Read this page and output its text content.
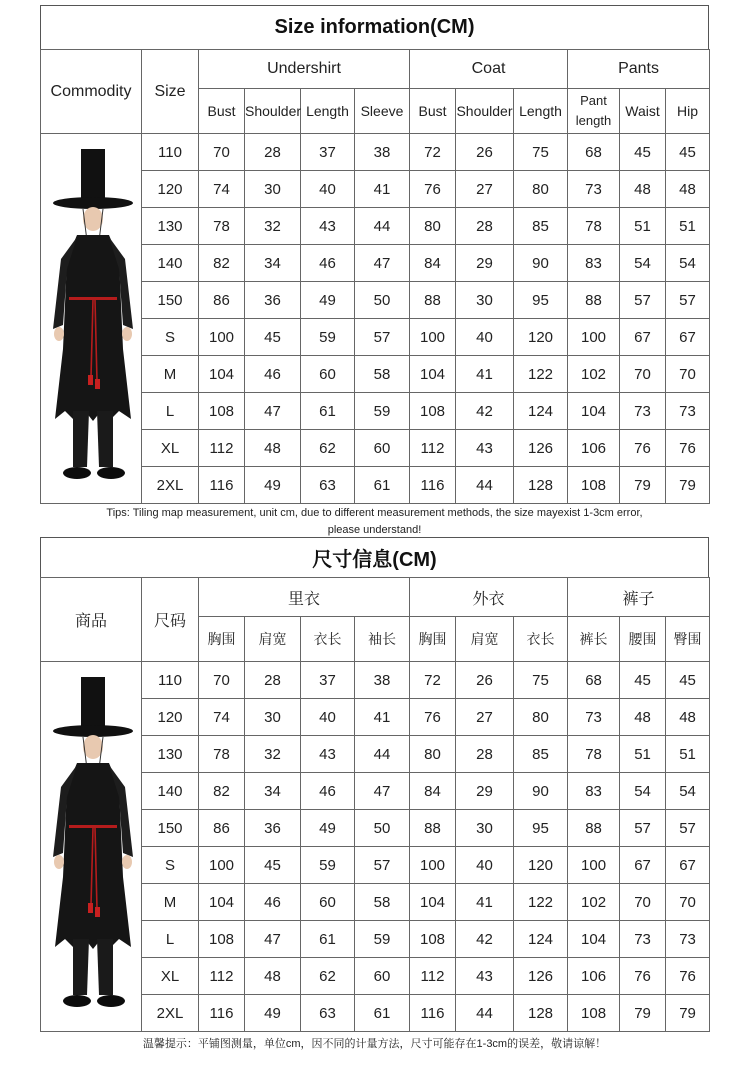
Size information(CM)
Commodity	Size	Undershirt				Coat			Pants		
		Bust	Shoulder	Length	Sleeve	Bust	Shoulder	Length	Pant length	Waist	Hip

	110	70	28	37	38	72	26	75	68	45	45
	120	74	30	40	41	76	27	80	73	48	48
	130	78	32	43	44	80	28	85	78	51	51
	140	82	34	46	47	84	29	90	83	54	54
	150	86	36	49	50	88	30	95	88	57	57
	S	100	45	59	57	100	40	120	100	67	67
	M	104	46	60	58	104	41	122	102	70	70
	L	108	47	61	59	108	42	124	104	73	73
	XL	112	48	62	60	112	43	126	106	76	76
	2XL	116	49	63	61	116	44	128	108	79	79
Tips: Tiling map measurement, unit cm, due to different measurement methods, the size mayexist 1-3cm error,
please understand!
尺寸信息(CM)
商品	尺码	里衣				外衣			裤子		
		胸围	肩宽	衣长	袖长	胸围	肩宽	衣长	裤长	腰围	臀围

	110	70	28	37	38	72	26	75	68	45	45
	120	74	30	40	41	76	27	80	73	48	48
	130	78	32	43	44	80	28	85	78	51	51
	140	82	34	46	47	84	29	90	83	54	54
	150	86	36	49	50	88	30	95	88	57	57
	S	100	45	59	57	100	40	120	100	67	67
	M	104	46	60	58	104	41	122	102	70	70
	L	108	47	61	59	108	42	124	104	73	73
	XL	112	48	62	60	112	43	126	106	76	76
	2XL	116	49	63	61	116	44	128	108	79	79
温馨提示：平铺图测量，单位cm，因不同的计量方法，尺寸可能存在1-3cm的误差，敬请谅解！
